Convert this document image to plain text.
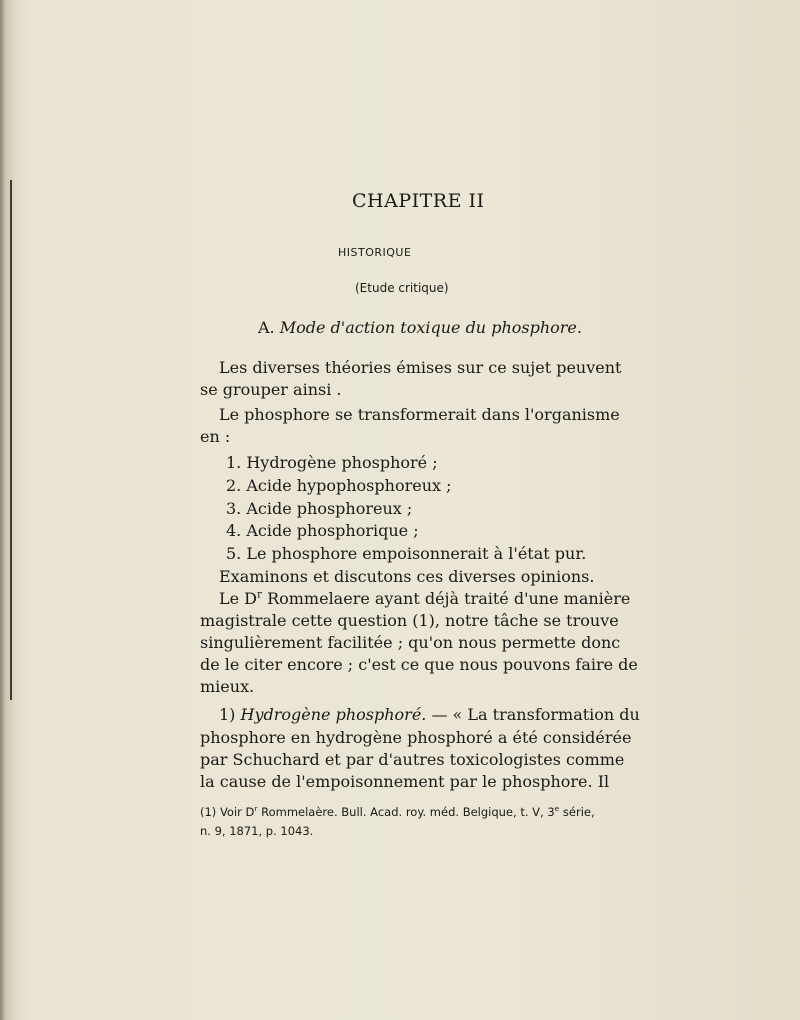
CHAPITRE II
HISTORIQUE
(Etude critique)
A. Mode d'action toxique du phosphore.
Les diverses théories émises sur ce sujet peuvent
se grouper ainsi .
Le phosphore se transformerait dans l'organisme
en :
1. Hydrogène phosphoré ;
2. Acide hypophosphoreux ;
3. Acide phosphoreux ;
4. Acide phosphorique ;
5. Le phosphore empoisonnerait à l'état pur.
Examinons et discutons ces diverses opinions.
Le $D^r$ Rommelaere ayant déjà traité d'une manière
magistrale cette question (1), notre tâche se trouve
singulièrement facilitée ; qu'on nous permette donc
de le citer encore ; c'est ce que nous pouvons faire de
mieux.
1) Hydrogène phosphoré. — « La transformation du
phosphore en hydrogène phosphoré a été considérée
par Schuchard et par d'autres toxicologistes comme
la cause de l'empoisonnement par le phosphore. Il
(1) Voir $D^r$ Rommelaère. Bull. Acad. roy. méd. Belgique, t. V, 3e série,
n. 9, 1871, p. 1043.
